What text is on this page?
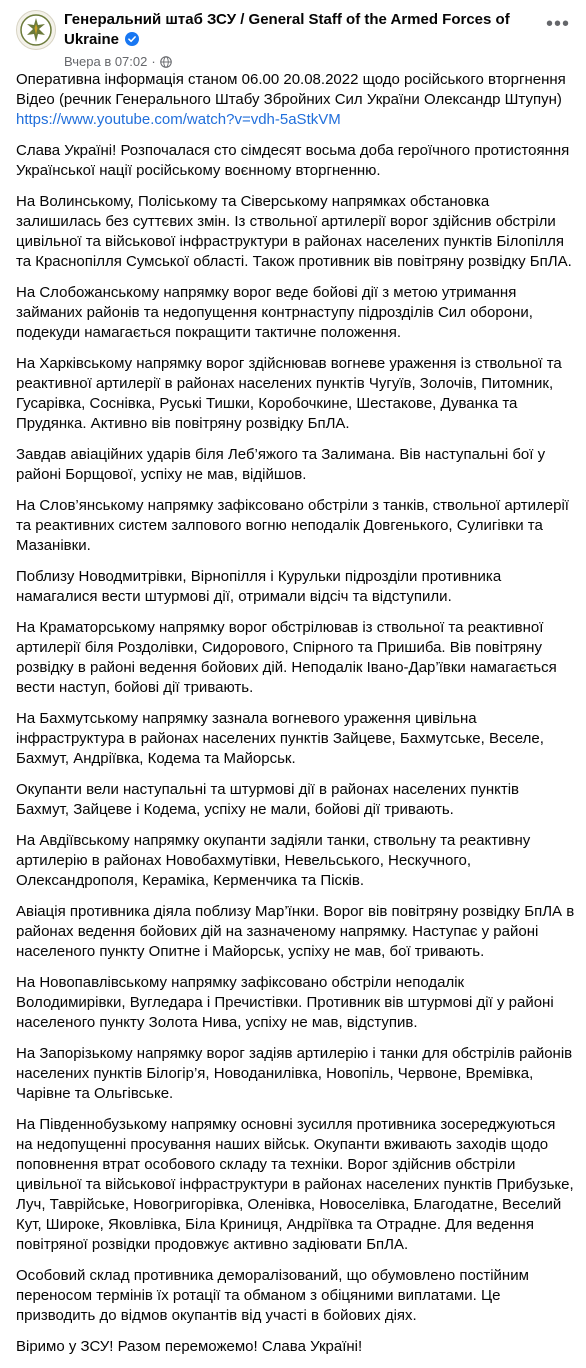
Генеральний штаб ЗСУ / General Staff of the Armed Forces of
Ukraine
Вчера в 07:02 ·
•••

Оперативна інформація станом 06.00 20.08.2022 щодо російського вторгнення
Відео (речник Генерального Штабу Збройних Сил України Олександр Штупун)
https://www.youtube.com/watch?v=vdh-5aStkVM

Слава Україні! Розпочалася сто сімдесят восьма доба героїчного протистояння Української нації російському воєнному вторгненню.

На Волинському, Поліському та Сіверському напрямках обстановка залишилась без суттєвих змін. Із ствольної артилерії ворог здійснив обстріли цивільної та військової інфраструктури в районах населених пунктів Білопілля та Краснопілля Сумської області. Також противник вів повітряну розвідку БпЛА.

На Слобожанському напрямку ворог веде бойові дії з метою утримання займаних районів та недопущення контрнаступу підрозділів Сил оборони, подекуди намагається покращити тактичне положення.

На Харківському напрямку ворог здійснював вогневе ураження із ствольної та реактивної артилерії в районах населених пунктів Чугуїв, Золочів, Питомник, Гусарівка, Соснівка, Руські Тишки, Коробочкине, Шестакове, Дуванка та Прудянка. Активно вів повітряну розвідку БпЛА.

Завдав авіаційних ударів біля Леб’яжого та Залимана. Вів наступальні бої у районі Борщової, успіху не мав, відійшов.

На Слов’янському напрямку зафіксовано обстріли з танків, ствольної артилерії та реактивних систем залпового вогню неподалік Довгенького, Сулигівки та Мазанівки.

Поблизу Новодмитрівки, Вірнопілля і Курульки підрозділи противника намагалися вести штурмові дії, отримали відсіч та відступили.

На Краматорському напрямку ворог обстрілював із ствольної та реактивної артилерії біля Роздолівки, Сидорового, Спірного та Пришиба. Вів повітряну розвідку в районі ведення бойових дій. Неподалік Івано-Дар’ївки намагається вести наступ, бойові дії тривають.

На Бахмутському напрямку зазнала вогневого ураження цивільна інфраструктура в районах населених пунктів Зайцеве, Бахмутське, Веселе, Бахмут, Андріївка, Кодема та Майорськ.

Окупанти вели наступальні та штурмові дії в районах населених пунктів Бахмут, Зайцеве і Кодема, успіху не мали, бойові дії тривають.

На Авдіївському напрямку окупанти задіяли танки, ствольну та реактивну артилерію в районах Новобахмутівки, Невельського, Нескучного, Олександрополя, Кераміка, Керменчика та Пісків.

Авіація противника діяла поблизу Мар’їнки. Ворог вів повітряну розвідку БпЛА в районах ведення бойових дій на зазначеному напрямку. Наступає у районі населеного пункту Опитне і Майорськ, успіху не мав, бої тривають.

На Новопавлівському напрямку зафіксовано обстріли неподалік Володимирівки, Вугледара і Пречистівки. Противник вів штурмові дії у районі населеного пункту Золота Нива, успіху не мав, відступив.

На Запорізькому напрямку ворог задіяв артилерію і танки для обстрілів районів населених пунктів Білогір’я, Новоданилівка, Новопіль, Червоне, Времівка, Чарівне та Ольгівське.

На Південнобузькому напрямку основні зусилля противника зосереджуються на недопущенні просування наших військ. Окупанти вживають заходів щодо поповнення втрат особового складу та техніки. Ворог здійснив обстріли цивільної та військової інфраструктури в районах населених пунктів Прибузьке, Луч, Таврійське, Новогригорівка, Оленівка, Новоселівка, Благодатне, Веселий Кут, Широке, Яковлівка, Біла Криниця, Андріївка та Отрадне. Для ведення повітряної розвідки продовжує активно задіювати БпЛА.

Особовий склад противника деморалізований, що обумовлено постійним переносом термінів їх ротації та обманом з обіцяними виплатами. Це призводить до відмов окупантів від участі в бойових діях.

Віримо у ЗСУ! Разом переможемо! Слава Україні!
